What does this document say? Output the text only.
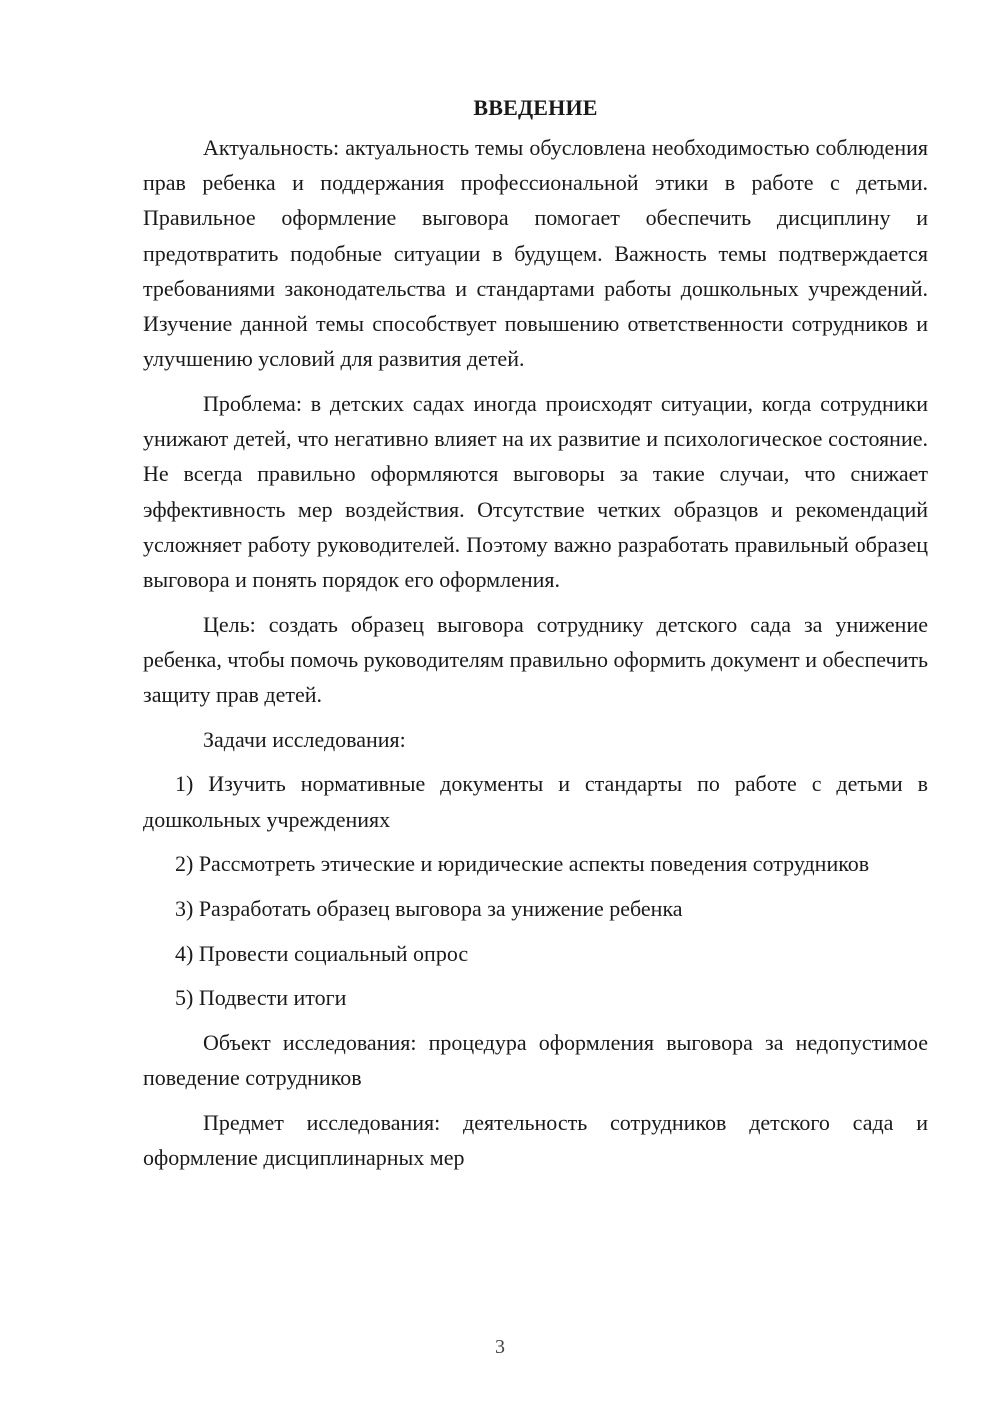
ВВЕДЕНИЕ

Актуальность: актуальность темы обусловлена необходимостью соблюдения прав ребенка и поддержания профессиональной этики в работе с детьми. Правильное оформление выговора помогает обеспечить дисциплину и предотвратить подобные ситуации в будущем. Важность темы подтверждается требованиями законодательства и стандартами работы дошкольных учреждений. Изучение данной темы способствует повышению ответственности сотрудников и улучшению условий для развития детей.

Проблема: в детских садах иногда происходят ситуации, когда сотрудники унижают детей, что негативно влияет на их развитие и психологическое состояние. Не всегда правильно оформляются выговоры за такие случаи, что снижает эффективность мер воздействия. Отсутствие четких образцов и рекомендаций усложняет работу руководителей. Поэтому важно разработать правильный образец выговора и понять порядок его оформления.

Цель: создать образец выговора сотруднику детского сада за унижение ребенка, чтобы помочь руководителям правильно оформить документ и обеспечить защиту прав детей.

Задачи исследования:

1) Изучить нормативные документы и стандарты по работе с детьми в дошкольных учреждениях

2) Рассмотреть этические и юридические аспекты поведения сотрудников

3) Разработать образец выговора за унижение ребенка

4) Провести социальный опрос

5) Подвести итоги

Объект исследования: процедура оформления выговора за недопустимое поведение сотрудников

Предмет исследования: деятельность сотрудников детского сада и оформление дисциплинарных мер

3
